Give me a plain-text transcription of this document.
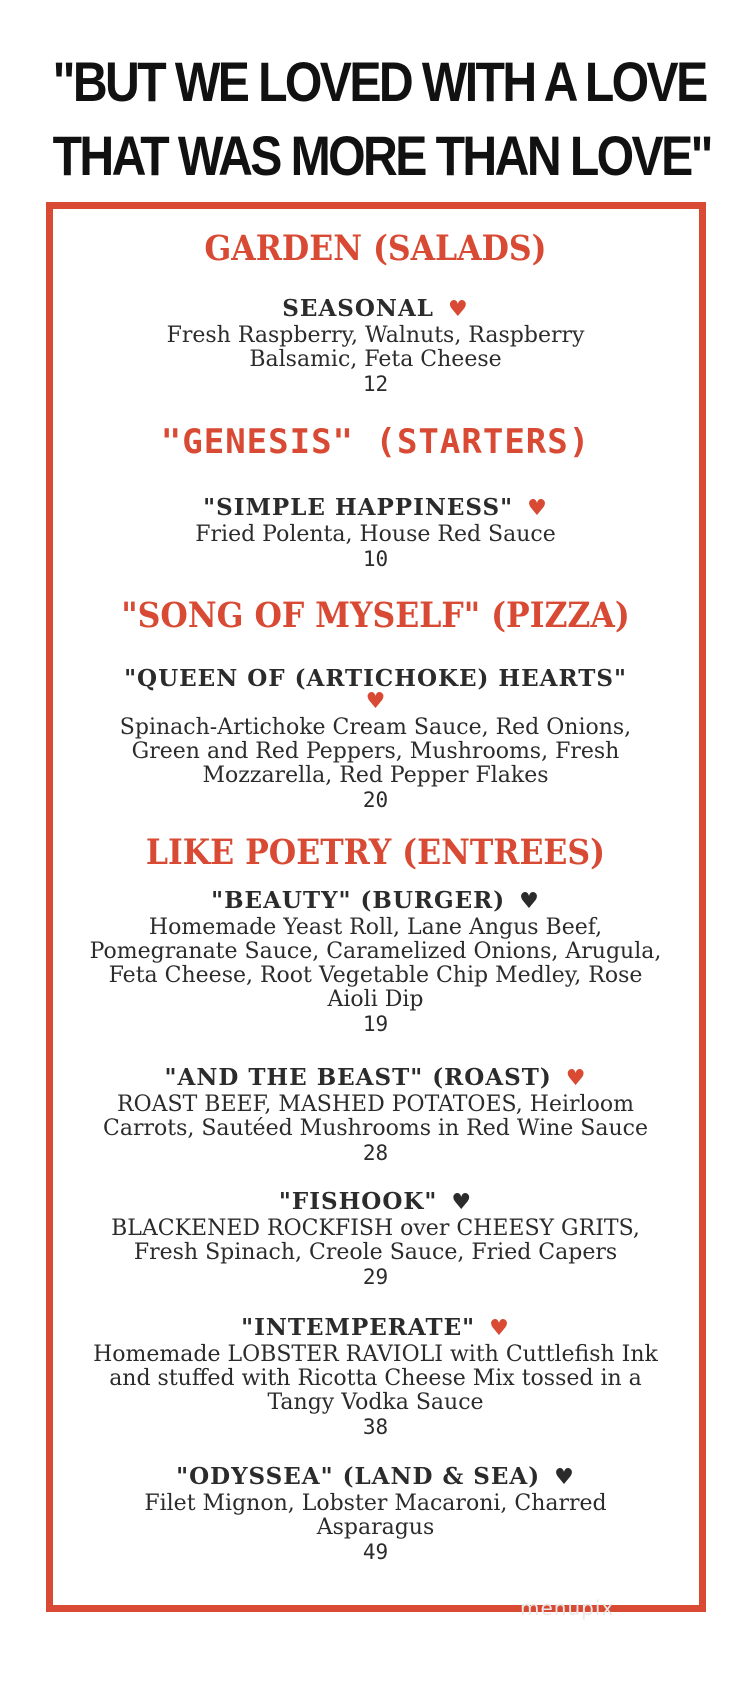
"BUT WE LOVED WITH A LOVE
THAT WAS MORE THAN LOVE"
GARDEN (SALADS)
SEASONAL ♥
Fresh Raspberry, Walnuts, Raspberry
Balsamic, Feta Cheese
12
"GENESIS" (STARTERS)
"SIMPLE HAPPINESS" ♥
Fried Polenta, House Red Sauce
10
"SONG OF MYSELF" (PIZZA)
"QUEEN OF (ARTICHOKE) HEARTS"
♥
Spinach-Artichoke Cream Sauce, Red Onions,
Green and Red Peppers, Mushrooms, Fresh
Mozzarella, Red Pepper Flakes
20
LIKE POETRY (ENTREES)
"BEAUTY" (BURGER) ♥
Homemade Yeast Roll, Lane Angus Beef,
Pomegranate Sauce, Caramelized Onions, Arugula,
Feta Cheese, Root Vegetable Chip Medley, Rose
Aioli Dip
19
"AND THE BEAST" (ROAST) ♥
ROAST BEEF, MASHED POTATOES, Heirloom
Carrots, Sautéed Mushrooms in Red Wine Sauce
28
"FISHOOK" ♥
BLACKENED ROCKFISH over CHEESY GRITS,
Fresh Spinach, Creole Sauce, Fried Capers
29
"INTEMPERATE" ♥
Homemade LOBSTER RAVIOLI with Cuttlefish Ink
and stuffed with Ricotta Cheese Mix tossed in a
Tangy Vodka Sauce
38
"ODYSSEA" (LAND & SEA) ♥
Filet Mignon, Lobster Macaroni, Charred
Asparagus
49
menupix
